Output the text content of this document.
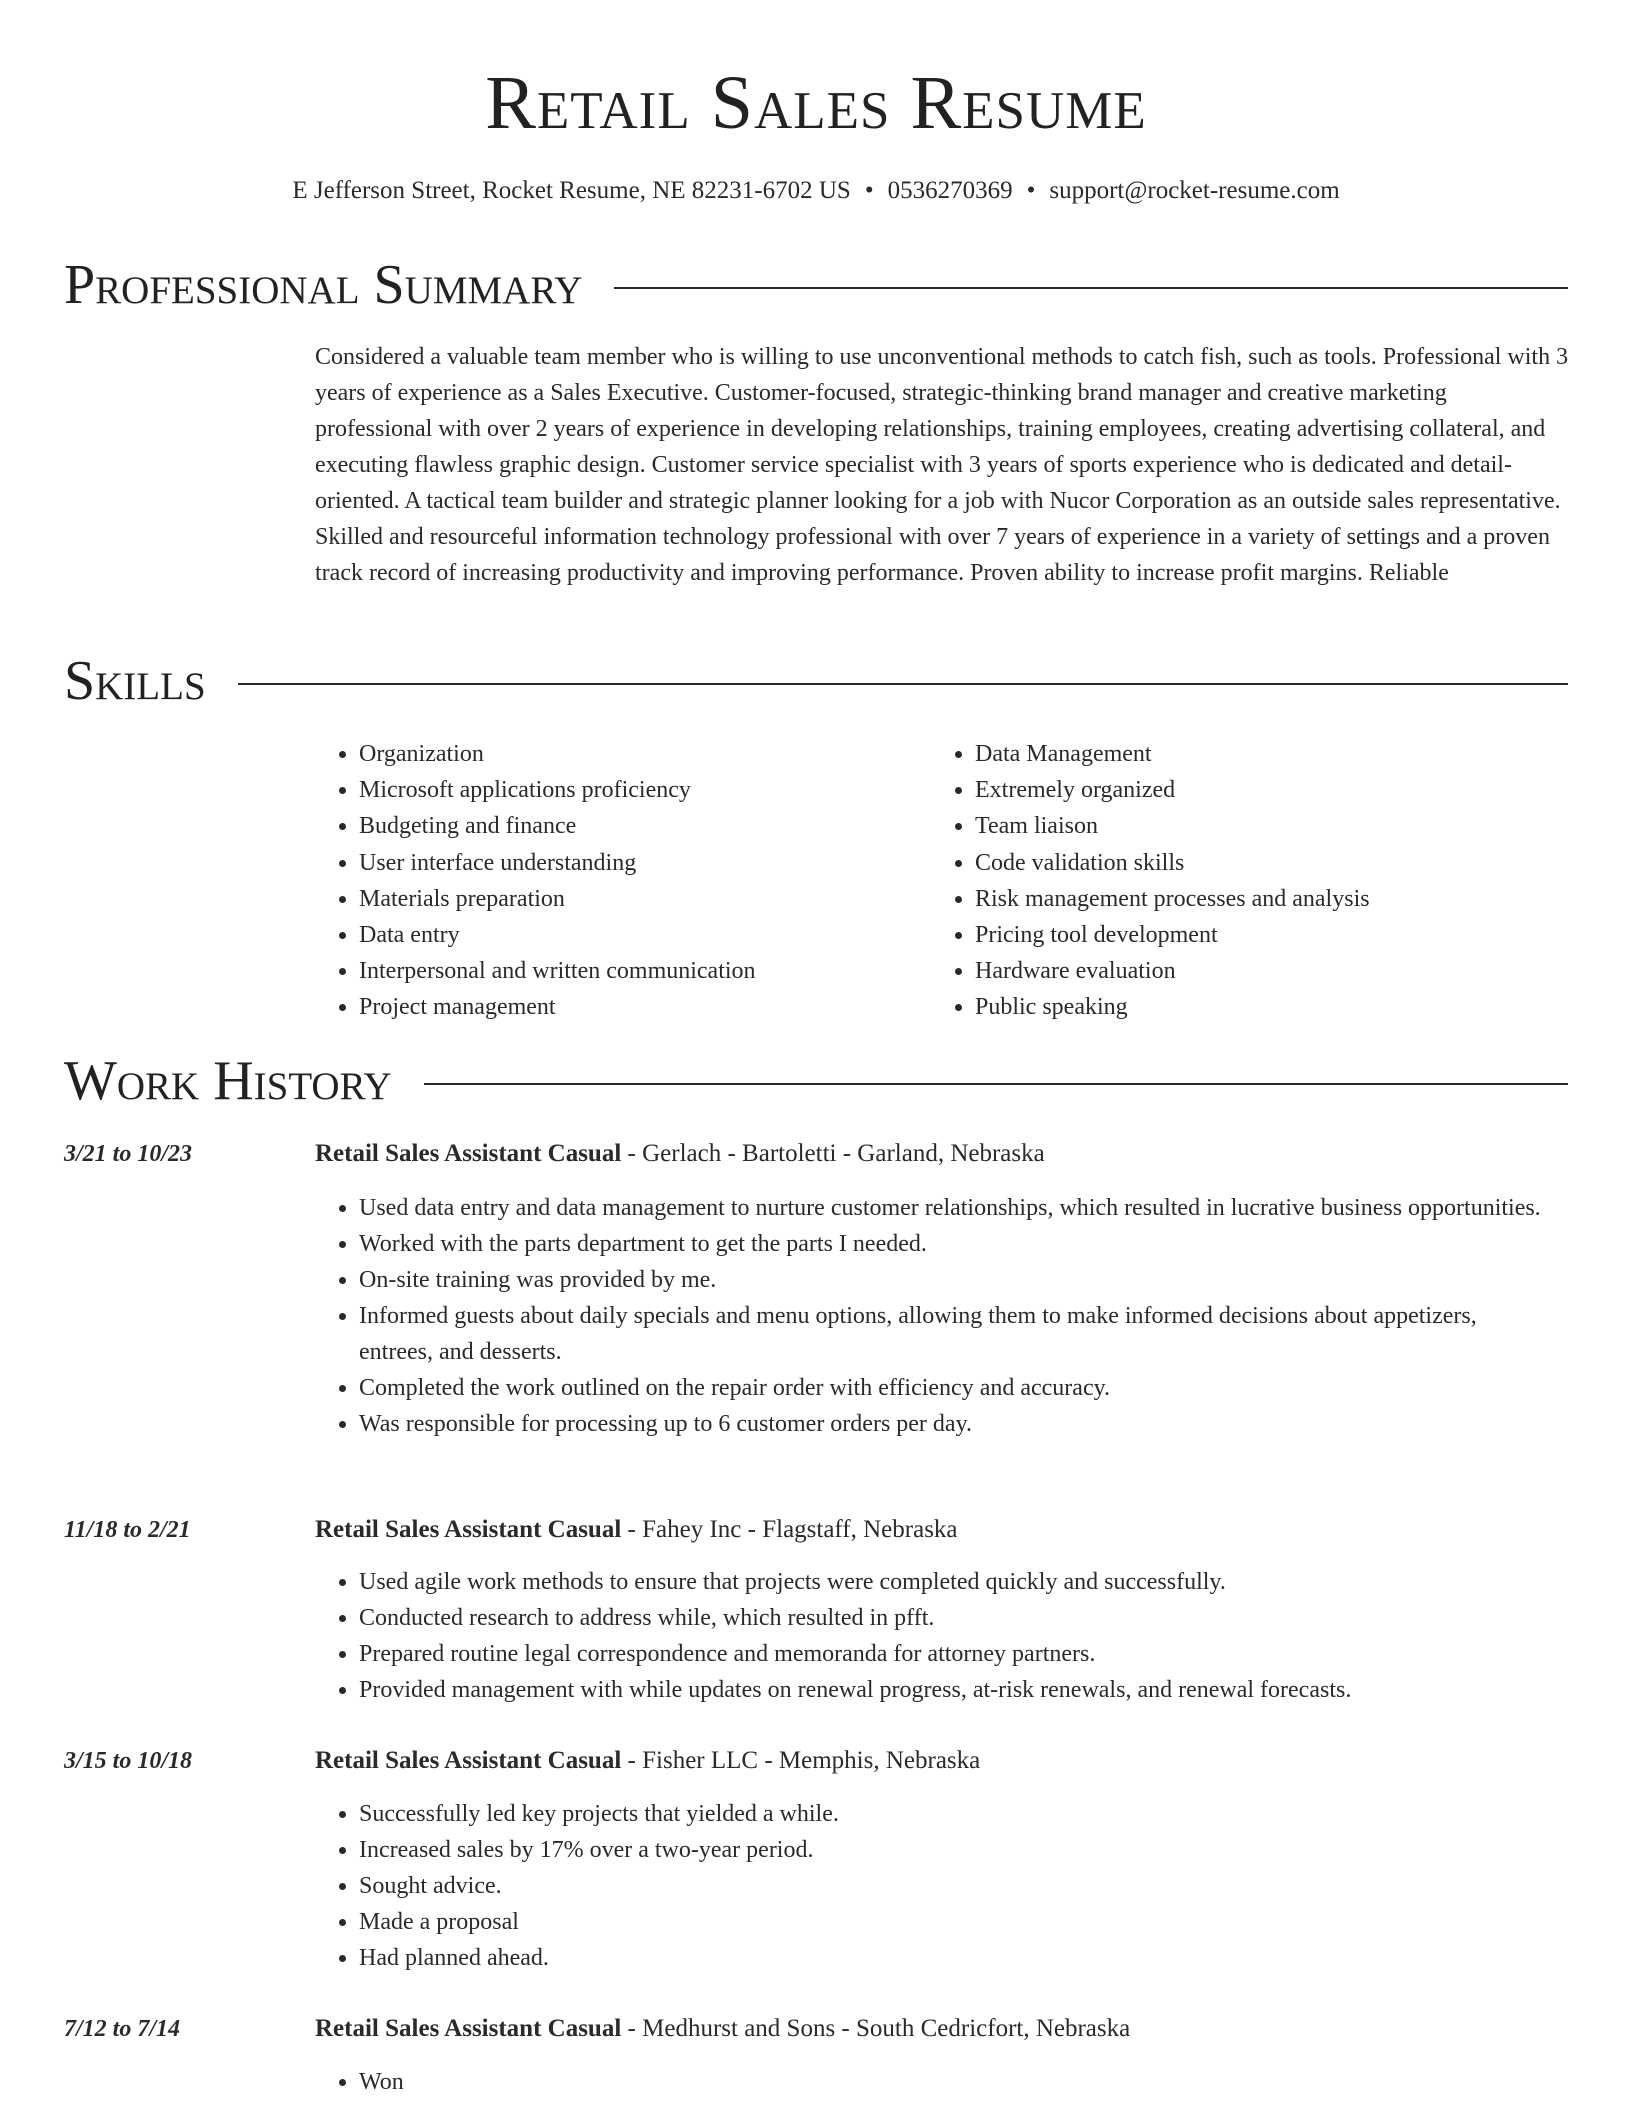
Retail Sales Resume
E Jefferson Street, Rocket Resume, NE 82231-6702 US • 0536270369 • support@rocket-resume.com
Professional Summary

Considered a valuable team member who is willing to use unconventional methods to catch fish, such as tools. Professional with 3 years of experience as a Sales Executive. Customer-focused, strategic-thinking brand manager and creative marketing professional with over 2 years of experience in developing relationships, training employees, creating advertising collateral, and executing flawless graphic design. Customer service specialist with 3 years of sports experience who is dedicated and detail-oriented. A tactical team builder and strategic planner looking for a job with Nucor Corporation as an outside sales representative. Skilled and resourceful information technology professional with over 7 years of experience in a variety of settings and a proven track record of increasing productivity and improving performance. Proven ability to increase profit margins. Reliable

Skills
• Organization
• Microsoft applications proficiency
• Budgeting and finance
• User interface understanding
• Materials preparation
• Data entry
• Interpersonal and written communication
• Project management
• Data Management
• Extremely organized
• Team liaison
• Code validation skills
• Risk management processes and analysis
• Pricing tool development
• Hardware evaluation
• Public speaking
Work History
3/21 to 10/23	Retail Sales Assistant Casual - Gerlach - Bartoletti - Garland, Nebraska
• Used data entry and data management to nurture customer relationships, which resulted in lucrative business opportunities.
• Worked with the parts department to get the parts I needed.
• On-site training was provided by me.
• Informed guests about daily specials and menu options, allowing them to make informed decisions about appetizers, entrees, and desserts.
• Completed the work outlined on the repair order with efficiency and accuracy.
• Was responsible for processing up to 6 customer orders per day.
11/18 to 2/21	Retail Sales Assistant Casual - Fahey Inc - Flagstaff, Nebraska
• Used agile work methods to ensure that projects were completed quickly and successfully.
• Conducted research to address while, which resulted in pfft.
• Prepared routine legal correspondence and memoranda for attorney partners.
• Provided management with while updates on renewal progress, at-risk renewals, and renewal forecasts.
3/15 to 10/18	Retail Sales Assistant Casual - Fisher LLC - Memphis, Nebraska
• Successfully led key projects that yielded a while.
• Increased sales by 17% over a two-year period.
• Sought advice.
• Made a proposal
• Had planned ahead.
7/12 to 7/14	Retail Sales Assistant Casual - Medhurst and Sons - South Cedricfort, Nebraska
• Won
